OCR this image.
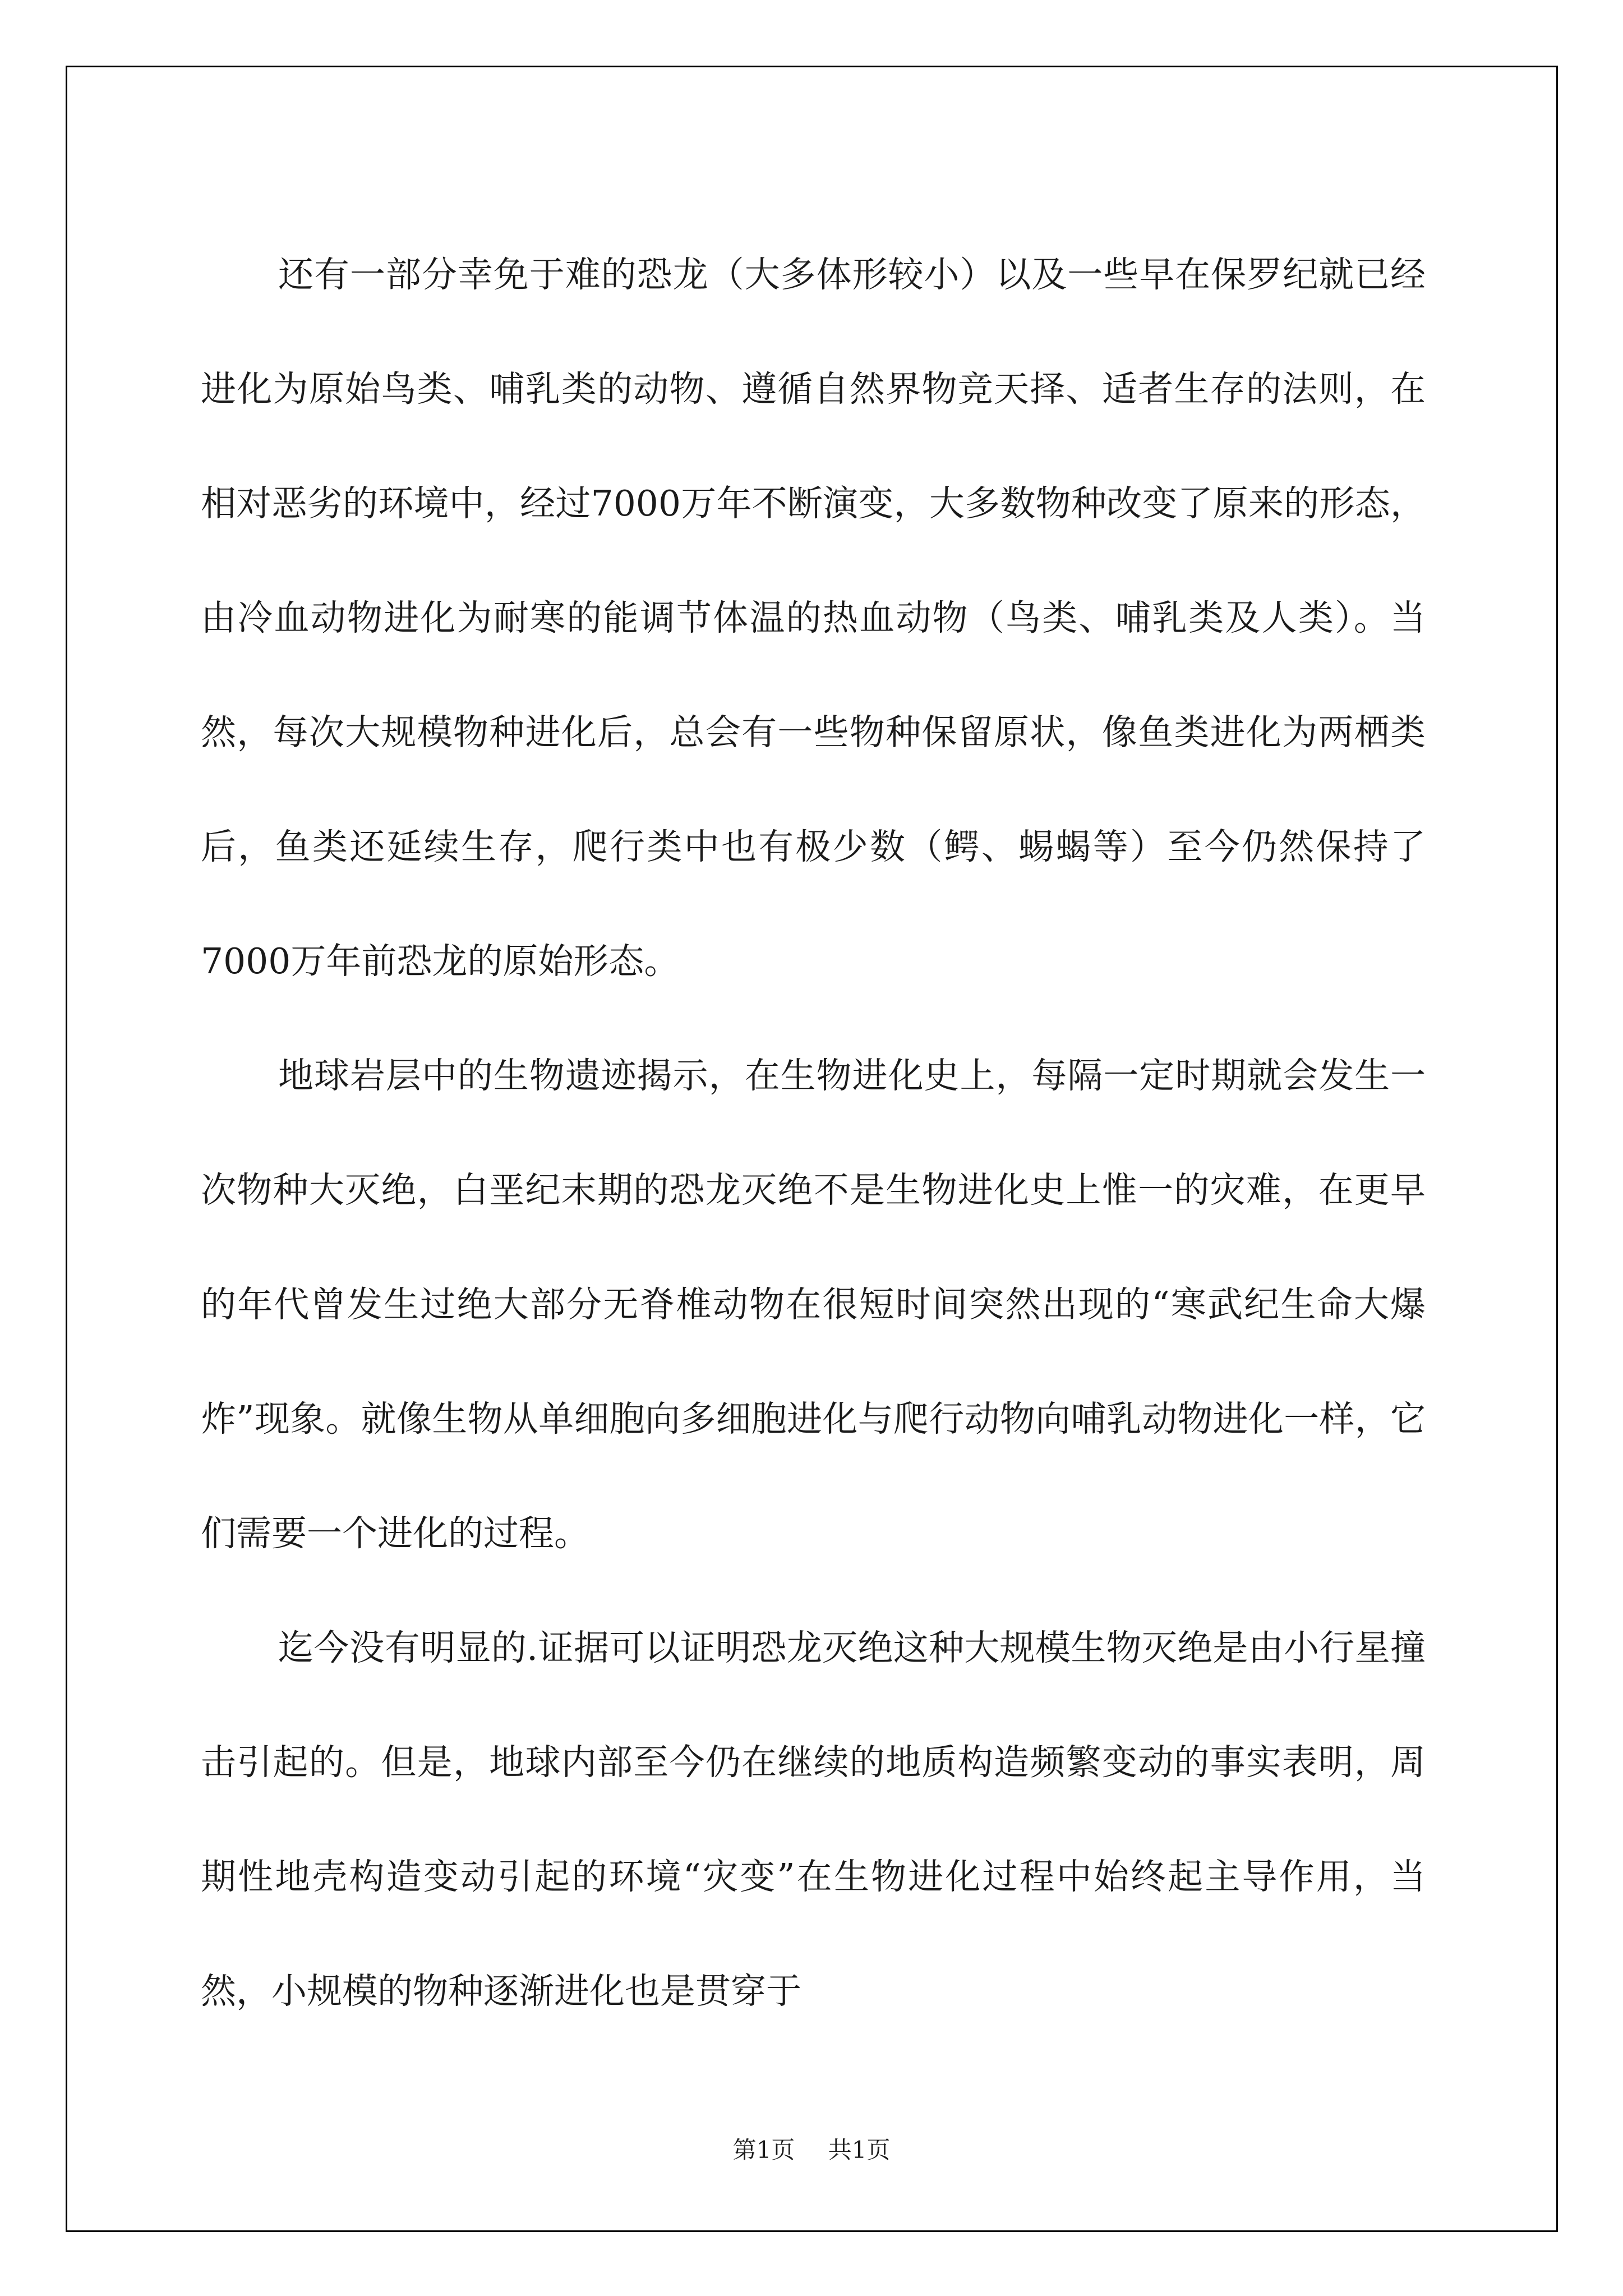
还有一部分幸免于难的恐龙（大多体形较小）以及一些早在保罗纪就已经进化为原始鸟类、哺乳类的动物、遵循自然界物竞天择、适者生存的法则，在相对恶劣的环境中，经过7000万年不断演变，大多数物种改变了原来的形态，由冷血动物进化为耐寒的能调节体温的热血动物（鸟类、哺乳类及人类）。当然，每次大规模物种进化后，总会有一些物种保留原状，像鱼类进化为两栖类后，鱼类还延续生存，爬行类中也有极少数（鳄、蜴蝎等）至今仍然保持了7000万年前恐龙的原始形态。

地球岩层中的生物遗迹揭示，在生物进化史上，每隔一定时期就会发生一次物种大灭绝，白垩纪末期的恐龙灭绝不是生物进化史上惟一的灾难，在更早的年代曾发生过绝大部分无脊椎动物在很短时间突然出现的“寒武纪生命大爆炸”现象。就像生物从单细胞向多细胞进化与爬行动物向哺乳动物进化一样，它们需要一个进化的过程。

迄今没有明显的.证据可以证明恐龙灭绝这种大规模生物灭绝是由小行星撞击引起的。但是，地球内部至今仍在继续的地质构造频繁变动的事实表明，周期性地壳构造变动引起的环境“灾变”在生物进化过程中始终起主导作用，当然，小规模的物种逐渐进化也是贯穿于

第1页 共1页
